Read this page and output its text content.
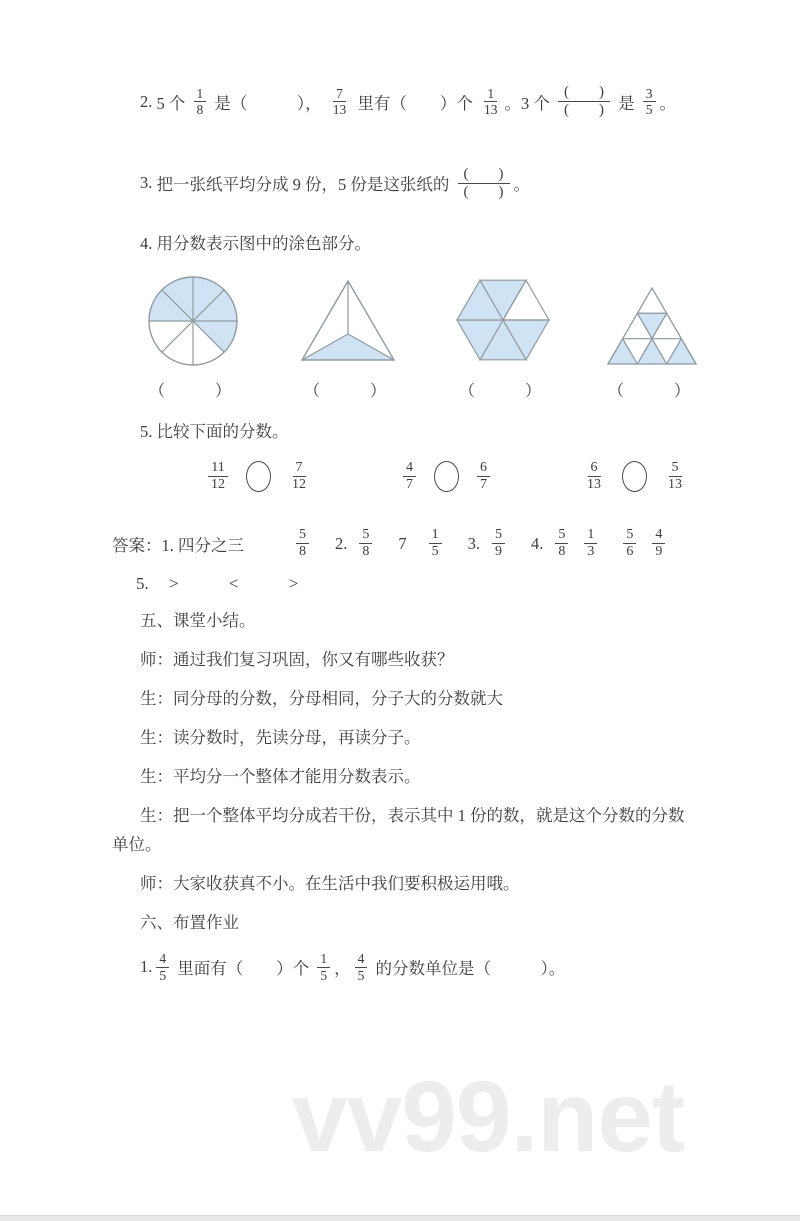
2. 5 个 $\frac{1}{8}$ 是（　　　）， $\frac{7}{13}$ 里有（　　）个 $\frac{1}{13}$ 。3 个 $\frac{( )}{( )}$ 是 $\frac{3}{5}$ 。
3. 把一张纸平均分成 9 份，5 份是这张纸的 $\frac{( )}{( )}$ 。
4. 用分数表示图中的涂色部分。
（　　）	（　　）	（　　）	（　　）
5. 比较下面的分数。
$\frac{11}{12}$	$\frac{7}{12}$	$\frac{4}{7}$	$\frac{6}{7}$	$\frac{6}{13}$	$\frac{5}{13}$
答案： 1. 四分之三	$\frac{5}{8} 2$. $\frac{5}{8} 7 \frac{1}{5} 3$. $\frac{5}{9} 4$. $\frac{5}{8} \frac{1}{3} \frac{5}{6} \frac{4}{9}$
5. >	<	>
五、课堂小结。
师：通过我们复习巩固，你又有哪些收获？
生：同分母的分数，分母相同，分子大的分数就大
生：读分数时，先读分母，再读分子。
生：平均分一个整体才能用分数表示。
生：把一个整体平均分成若干份，表示其中 1 份的数，就是这个分数的分数
单位。
师：大家收获真不小。在生活中我们要积极运用哦。
六、布置作业
1. $\frac{4}{5}$ 里面有（　　）个 $\frac{1}{5}$ ， $\frac{4}{5}$ 的分数单位是（　　　）。
vv99.net
